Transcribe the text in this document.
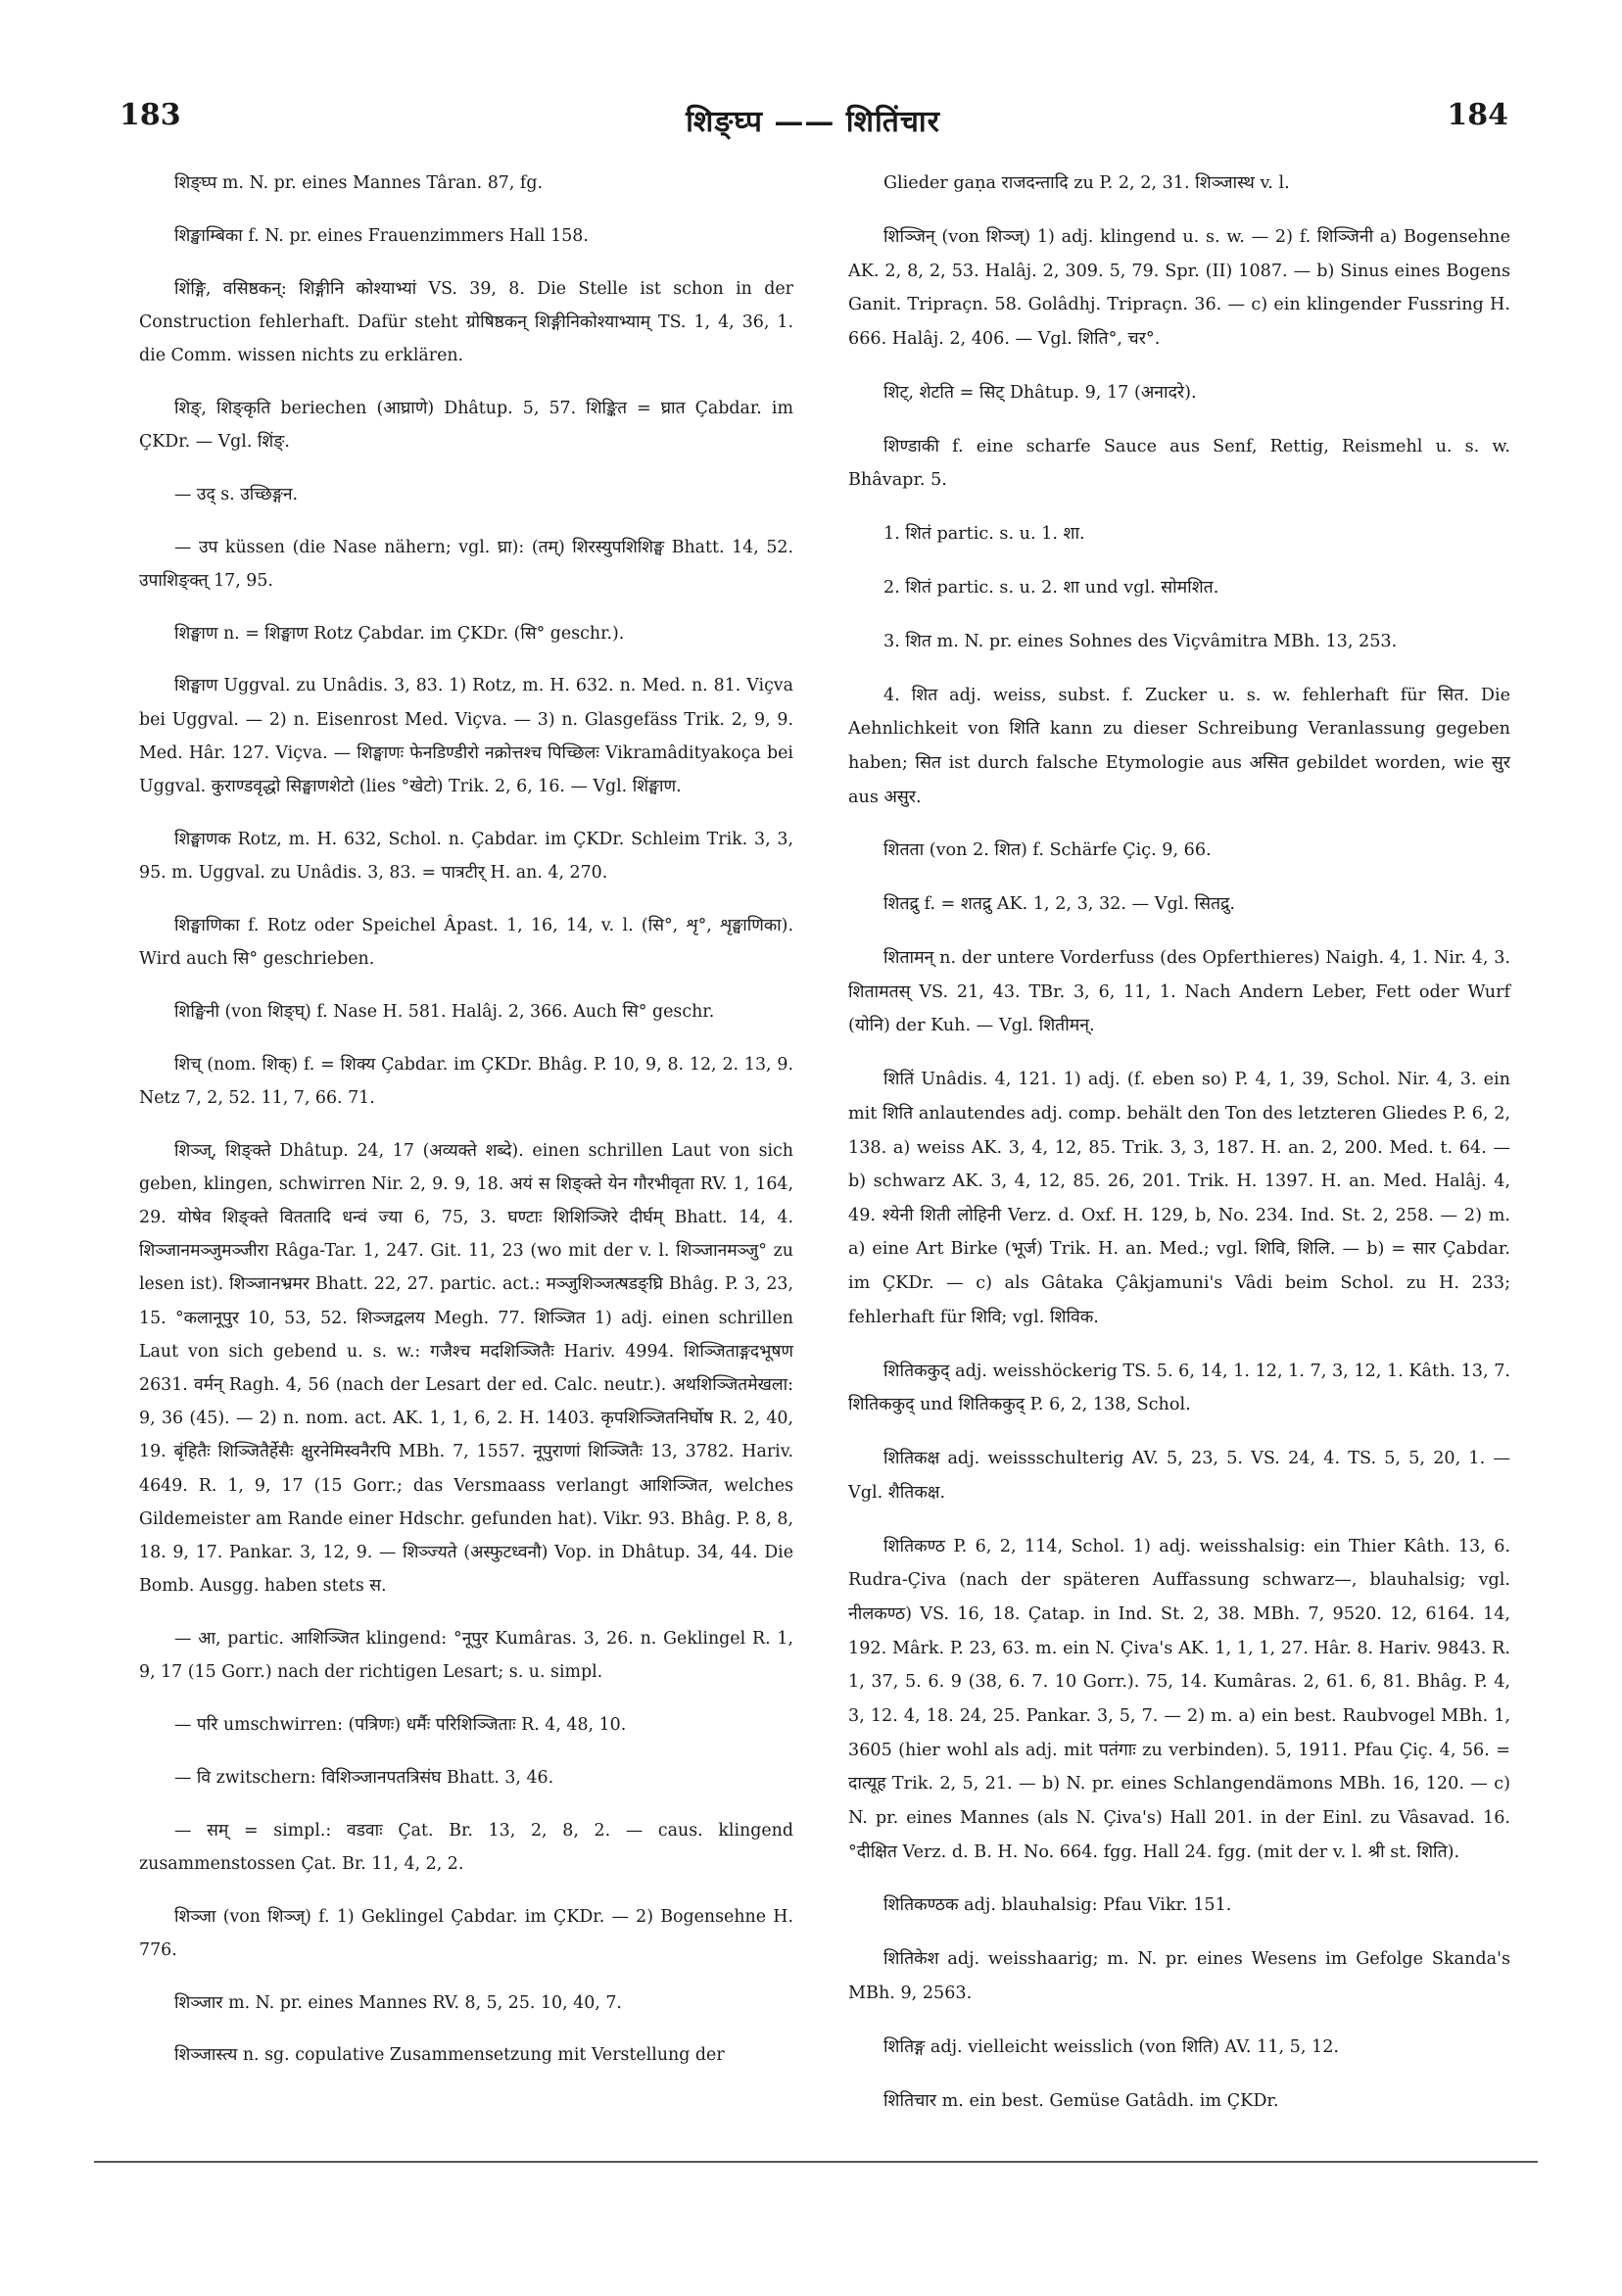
183	शिङ्घ्प —— शितिंचार	184

शिङ्घ्प m. N. pr. eines Mannes Târan. 87, fg.

शिङ्खाम्बिका f. N. pr. eines Frauenzimmers Hall 158.

शिंङ्गि, वसिष्ठकन्: शिङ्गीनि कोश्याभ्यां VS. 39, 8. Die Stelle ist schon in der Construction fehlerhaft. Dafür steht ग्रोषिष्ठकन् शिङ्गीनिकोश्याभ्याम् TS. 1, 4, 36, 1. die Comm. wissen nichts zu erklären.

शिङ्, शिङ्कृति beriechen (आघ्राणे) Dhâtup. 5, 57. शिङ्कित = घ्रात Çabdar. im ÇKDr. — Vgl. शिंङ्.

— उद् s. उच्छिङ्गन.

— उप küssen (die Nase nähern; vgl. घ्रा): (तम्) शिरस्युपशिशिङ्घ Bhatt. 14, 52. उपाशिङ्क्त् 17, 95.

शिङ्घाण n. = शिङ्घाण Rotz Çabdar. im ÇKDr. (सि° geschr.).

शिङ्घाण Uggval. zu Unâdis. 3, 83. 1) Rotz, m. H. 632. n. Med. n. 81. Viçva bei Uggval. — 2) n. Eisenrost Med. Viçva. — 3) n. Glasgefäss Trik. 2, 9, 9. Med. Hâr. 127. Viçva. — शिङ्घाणः फेनडिण्डीरो नक्रोत्तश्च पिच्छिलः Vikramâdityakoça bei Uggval. कुराण्डवृद्धो सिङ्घाणशेटो (lies °खेटो) Trik. 2, 6, 16. — Vgl. शिंङ्घाण.

शिङ्घाणक Rotz, m. H. 632, Schol. n. Çabdar. im ÇKDr. Schleim Trik. 3, 3, 95. m. Uggval. zu Unâdis. 3, 83. = पात्रटीर् H. an. 4, 270.

शिङ्घाणिका f. Rotz oder Speichel Âpast. 1, 16, 14, v. l. (सि°, शृ°, शृङ्घाणिका). Wird auch सि° geschrieben.

शिङ्घिनी (von शिङ्घ्) f. Nase H. 581. Halâj. 2, 366. Auch सि° geschr.

शिच् (nom. शिक्) f. = शिक्य Çabdar. im ÇKDr. Bhâg. P. 10, 9, 8. 12, 2. 13, 9. Netz 7, 2, 52. 11, 7, 66. 71.

शिञ्ज्, शिङ्क्ते Dhâtup. 24, 17 (अव्यक्ते शब्दे). einen schrillen Laut von sich geben, klingen, schwirren Nir. 2, 9. 9, 18. अयं स शिङ्क्ते येन गौरभीवृता RV. 1, 164, 29. योषेव शिङ्क्ते विततादि धन्वं ज्या 6, 75, 3. घण्टाः शिशिञ्जिरे दीर्घम् Bhatt. 14, 4. शिञ्जानमञ्जुमञ्जीरा Râga-Tar. 1, 247. Git. 11, 23 (wo mit der v. l. शिञ्जानमञ्जु° zu lesen ist). शिञ्जानभ्रमर Bhatt. 22, 27. partic. act.: मञ्जुशिञ्जत्षडङ्घ्रि Bhâg. P. 3, 23, 15. °कलानूपुर 10, 53, 52. शिञ्जद्वलय Megh. 77. शिञ्जित 1) adj. einen schrillen Laut von sich gebend u. s. w.: गजैश्च मदशिञ्जितैः Hariv. 4994. शिञ्जिताङ्गदभूषण 2631. वर्मन् Ragh. 4, 56 (nach der Lesart der ed. Calc. neutr.). अथशिञ्जितमेखला: 9, 36 (45). — 2) n. nom. act. AK. 1, 1, 6, 2. H. 1403. कृपशिञ्जितनिर्घोष R. 2, 40, 19. बृंहितैः शिञ्जितैर्हेसैः क्षुरनेमिस्वनैरपि MBh. 7, 1557. नूपुराणां शिञ्जितैः 13, 3782. Hariv. 4649. R. 1, 9, 17 (15 Gorr.; das Versmaass verlangt आशिञ्जित, welches Gildemeister am Rande einer Hdschr. gefunden hat). Vikr. 93. Bhâg. P. 8, 8, 18. 9, 17. Pankar. 3, 12, 9. — शिञ्ज्यते (अस्फुटध्वनौ) Vop. in Dhâtup. 34, 44. Die Bomb. Ausgg. haben stets स.

— आ, partic. आशिञ्जित klingend: °नूपुर Kumâras. 3, 26. n. Geklingel R. 1, 9, 17 (15 Gorr.) nach der richtigen Lesart; s. u. simpl.

— परि umschwirren: (पत्रिणः) धर्मैः परिशिञ्जिताः R. 4, 48, 10.

— वि zwitschern: विशिञ्जानपतत्रिसंघ Bhatt. 3, 46.

— सम् = simpl.: वडवाः Çat. Br. 13, 2, 8, 2. — caus. klingend zusammenstossen Çat. Br. 11, 4, 2, 2.

शिञ्जा (von शिञ्ज्) f. 1) Geklingel Çabdar. im ÇKDr. — 2) Bogensehne H. 776.

शिञ्जार m. N. pr. eines Mannes RV. 8, 5, 25. 10, 40, 7.

शिञ्जास्त्य n. sg. copulative Zusammensetzung mit Verstellung der

Glieder gaṇa राजदन्तादि zu P. 2, 2, 31. शिञ्जास्थ v. l.

शिञ्जिन् (von शिञ्ज्) 1) adj. klingend u. s. w. — 2) f. शिञ्जिनी a) Bogensehne AK. 2, 8, 2, 53. Halâj. 2, 309. 5, 79. Spr. (II) 1087. — b) Sinus eines Bogens Ganit. Tripraçn. 58. Golâdhj. Tripraçn. 36. — c) ein klingender Fussring H. 666. Halâj. 2, 406. — Vgl. शिति°, चर°.

शिट्, शेटति = सिट् Dhâtup. 9, 17 (अनादरे).

शिण्डाकी f. eine scharfe Sauce aus Senf, Rettig, Reismehl u. s. w. Bhâvapr. 5.

1. शितं partic. s. u. 1. शा.

2. शितं partic. s. u. 2. शा und vgl. सोमशित.

3. शित m. N. pr. eines Sohnes des Viçvâmitra MBh. 13, 253.

4. शित adj. weiss, subst. f. Zucker u. s. w. fehlerhaft für सित. Die Aehnlichkeit von शिति kann zu dieser Schreibung Veranlassung gegeben haben; सित ist durch falsche Etymologie aus असित gebildet worden, wie सुर aus असुर.

शितता (von 2. शित) f. Schärfe Çiç. 9, 66.

शितद्रु f. = शतद्रु AK. 1, 2, 3, 32. — Vgl. सितद्रु.

शितामन् n. der untere Vorderfuss (des Opferthieres) Naigh. 4, 1. Nir. 4, 3. शितामतस् VS. 21, 43. TBr. 3, 6, 11, 1. Nach Andern Leber, Fett oder Wurf (योनि) der Kuh. — Vgl. शितीमन्.

शितिं Unâdis. 4, 121. 1) adj. (f. eben so) P. 4, 1, 39, Schol. Nir. 4, 3. ein mit शिति anlautendes adj. comp. behält den Ton des letzteren Gliedes P. 6, 2, 138. a) weiss AK. 3, 4, 12, 85. Trik. 3, 3, 187. H. an. 2, 200. Med. t. 64. — b) schwarz AK. 3, 4, 12, 85. 26, 201. Trik. H. 1397. H. an. Med. Halâj. 4, 49. श्येनी शिती लोहिनी Verz. d. Oxf. H. 129, b, No. 234. Ind. St. 2, 258. — 2) m. a) eine Art Birke (भूर्ज) Trik. H. an. Med.; vgl. शिवि, शिलि. — b) = सार Çabdar. im ÇKDr. — c) als Gâtaka Çâkjamuni's Vâdi beim Schol. zu H. 233; fehlerhaft für शिवि; vgl. शिविक.

शितिककुद् adj. weisshöckerig TS. 5. 6, 14, 1. 12, 1. 7, 3, 12, 1. Kâth. 13, 7. शितिककुद् und शितिककुद् P. 6, 2, 138, Schol.

शितिकक्ष adj. weissschulterig AV. 5, 23, 5. VS. 24, 4. TS. 5, 5, 20, 1. — Vgl. शैतिकक्ष.

शितिकण्ठ P. 6, 2, 114, Schol. 1) adj. weisshalsig: ein Thier Kâth. 13, 6. Rudra-Çiva (nach der späteren Auffassung schwarz—, blauhalsig; vgl. नीलकण्ठ) VS. 16, 18. Çatap. in Ind. St. 2, 38. MBh. 7, 9520. 12, 6164. 14, 192. Mârk. P. 23, 63. m. ein N. Çiva's AK. 1, 1, 1, 27. Hâr. 8. Hariv. 9843. R. 1, 37, 5. 6. 9 (38, 6. 7. 10 Gorr.). 75, 14. Kumâras. 2, 61. 6, 81. Bhâg. P. 4, 3, 12. 4, 18. 24, 25. Pankar. 3, 5, 7. — 2) m. a) ein best. Raubvogel MBh. 1, 3605 (hier wohl als adj. mit पतंगाः zu verbinden). 5, 1911. Pfau Çiç. 4, 56. = दात्यूह Trik. 2, 5, 21. — b) N. pr. eines Schlangendämons MBh. 16, 120. — c) N. pr. eines Mannes (als N. Çiva's) Hall 201. in der Einl. zu Vâsavad. 16. °दीक्षित Verz. d. B. H. No. 664. fgg. Hall 24. fgg. (mit der v. l. श्री st. शिति).

शितिकण्ठक adj. blauhalsig: Pfau Vikr. 151.

शितिकेश adj. weisshaarig; m. N. pr. eines Wesens im Gefolge Skanda's MBh. 9, 2563.

शितिङ्ग adj. vielleicht weisslich (von शिति) AV. 11, 5, 12.

शितिचार m. ein best. Gemüse Gatâdh. im ÇKDr.
